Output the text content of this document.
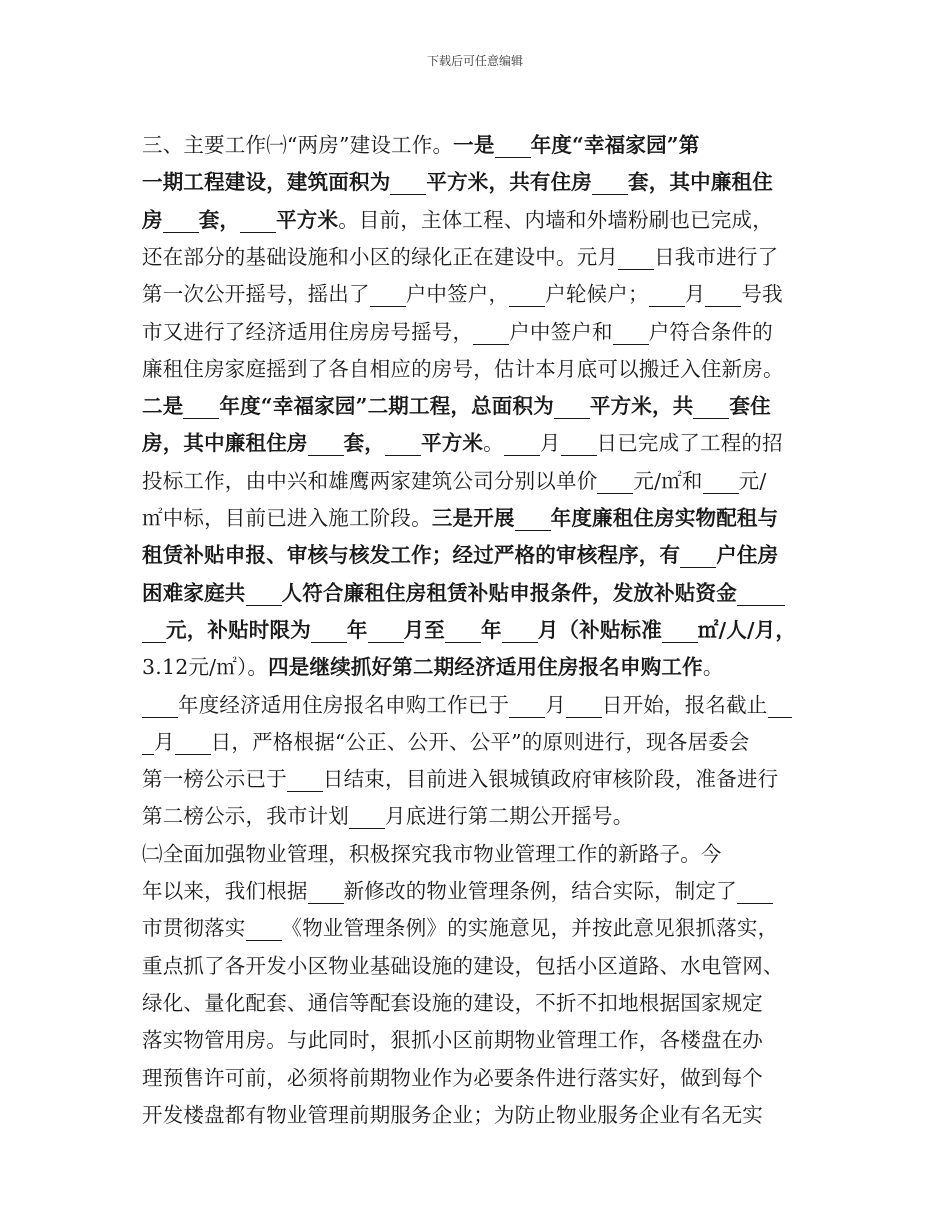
下载后可任意编辑
三、主要工作㈠“两房”建设工作。一是 年度“幸福家园”第
一期工程建设，建筑面积为 平方米，共有住房 套，其中廉租住
房 套， 平方米。目前，主体工程、内墙和外墙粉刷也已完成，
还在部分的基础设施和小区的绿化正在建设中。元月 日我市进行了
第一次公开摇号，摇出了 户中签户， 户轮候户； 月 号我
市又进行了经济适用住房房号摇号， 户中签户和 户符合条件的
廉租住房家庭摇到了各自相应的房号，估计本月底可以搬迁入住新房。
二是 年度“幸福家园”二期工程，总面积为 平方米，共 套住
房，其中廉租住房 套， 平方米。 月 日已完成了工程的招
投标工作，由中兴和雄鹰两家建筑公司分别以单价 元/㎡和 元/
㎡中标，目前已进入施工阶段。三是开展 年度廉租住房实物配租与
租赁补贴申报、审核与核发工作；经过严格的审核程序，有 户住房
困难家庭共 人符合廉租住房租赁补贴申报条件，发放补贴资金
元，补贴时限为 年 月至 年 月（补贴标准 ㎡/人/月，
3.12元/㎡）。四是继续抓好第二期经济适用住房报名申购工作。
年度经济适用住房报名申购工作已于 月 日开始，报名截止
月 日，严格根据“公正、公开、公平”的原则进行，现各居委会
第一榜公示已于 日结束，目前进入银城镇政府审核阶段，准备进行
第二榜公示，我市计划 月底进行第二期公开摇号。
㈡全面加强物业管理，积极探究我市物业管理工作的新路子。今
年以来，我们根据 新修改的物业管理条例，结合实际，制定了
市贯彻落实 《物业管理条例》的实施意见，并按此意见狠抓落实，
重点抓了各开发小区物业基础设施的建设，包括小区道路、水电管网、
绿化、量化配套、通信等配套设施的建设，不折不扣地根据国家规定
落实物管用房。与此同时，狠抓小区前期物业管理工作，各楼盘在办
理预售许可前，必须将前期物业作为必要条件进行落实好，做到每个
开发楼盘都有物业管理前期服务企业；为防止物业服务企业有名无实
